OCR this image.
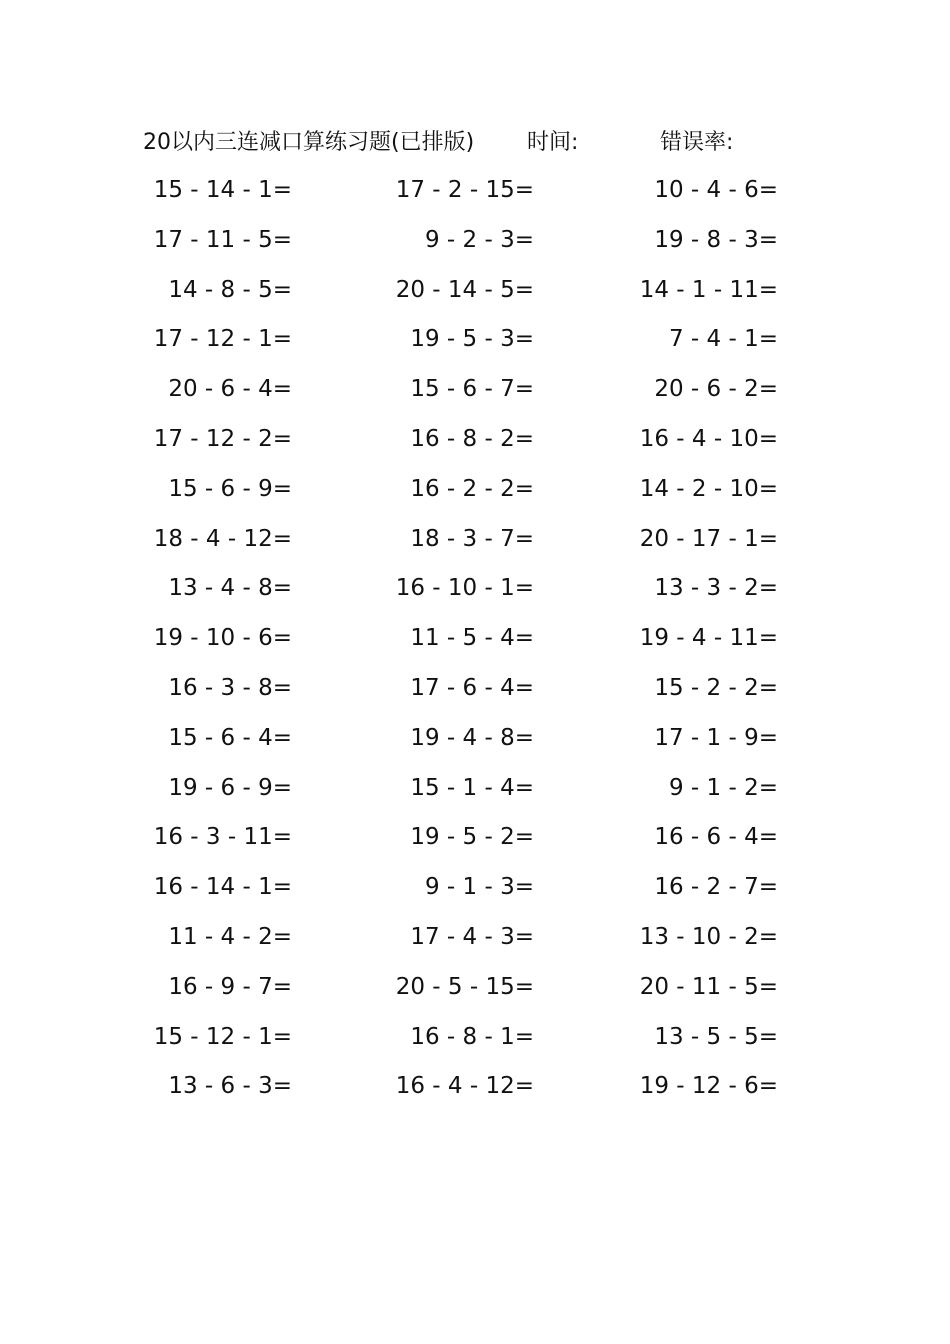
20以内三连减口算练习题(已排版) 时间:	错误率:
15 - 14 - 1=	17 - 2 - 15=	10 - 4 - 6=
17 - 11 - 5=	9 - 2 - 3=	19 - 8 - 3=
14 - 8 - 5=	20 - 14 - 5=	14 - 1 - 11=
17 - 12 - 1=	19 - 5 - 3=	7 - 4 - 1=
20 - 6 - 4=	15 - 6 - 7=	20 - 6 - 2=
17 - 12 - 2=	16 - 8 - 2=	16 - 4 - 10=
15 - 6 - 9=	16 - 2 - 2=	14 - 2 - 10=
18 - 4 - 12=	18 - 3 - 7=	20 - 17 - 1=
13 - 4 - 8=	16 - 10 - 1=	13 - 3 - 2=
19 - 10 - 6=	11 - 5 - 4=	19 - 4 - 11=
16 - 3 - 8=	17 - 6 - 4=	15 - 2 - 2=
15 - 6 - 4=	19 - 4 - 8=	17 - 1 - 9=
19 - 6 - 9=	15 - 1 - 4=	9 - 1 - 2=
16 - 3 - 11=	19 - 5 - 2=	16 - 6 - 4=
16 - 14 - 1=	9 - 1 - 3=	16 - 2 - 7=
11 - 4 - 2=	17 - 4 - 3=	13 - 10 - 2=
16 - 9 - 7=	20 - 5 - 15=	20 - 11 - 5=
15 - 12 - 1=	16 - 8 - 1=	13 - 5 - 5=
13 - 6 - 3=	16 - 4 - 12=	19 - 12 - 6=
